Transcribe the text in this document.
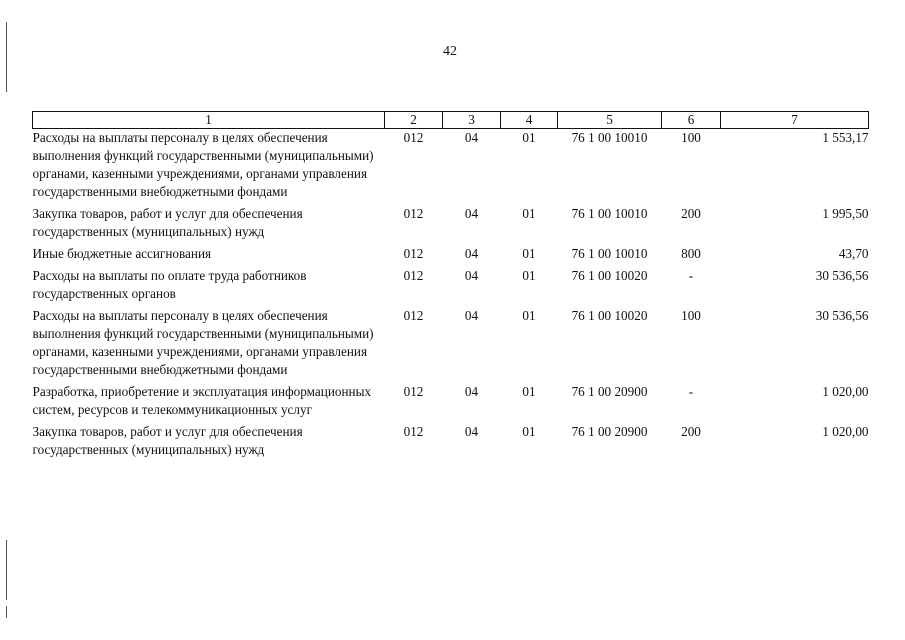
42
1	2	3	4	5	6	7
Расходы на выплаты персоналу в целях обеспечения выполнения функций государственными (муниципальными) органами, казенными учреждениями, органами управления государственными внебюджетными фондами	012	04	01	76 1 00 10010	100	1 553,17
Закупка товаров, работ и услуг для обеспечения государственных (муниципальных) нужд	012	04	01	76 1 00 10010	200	1 995,50
Иные бюджетные ассигнования	012	04	01	76 1 00 10010	800	43,70
Расходы на выплаты по оплате труда работников государственных органов	012	04	01	76 1 00 10020	-	30 536,56
Расходы на выплаты персоналу в целях обеспечения выполнения функций государственными (муниципальными) органами, казенными учреждениями, органами управления государственными внебюджетными фондами	012	04	01	76 1 00 10020	100	30 536,56
Разработка, приобретение и эксплуатация информационных систем, ресурсов и телекоммуникационных услуг	012	04	01	76 1 00 20900	-	1 020,00
Закупка товаров, работ и услуг для обеспечения государственных (муниципальных) нужд	012	04	01	76 1 00 20900	200	1 020,00
